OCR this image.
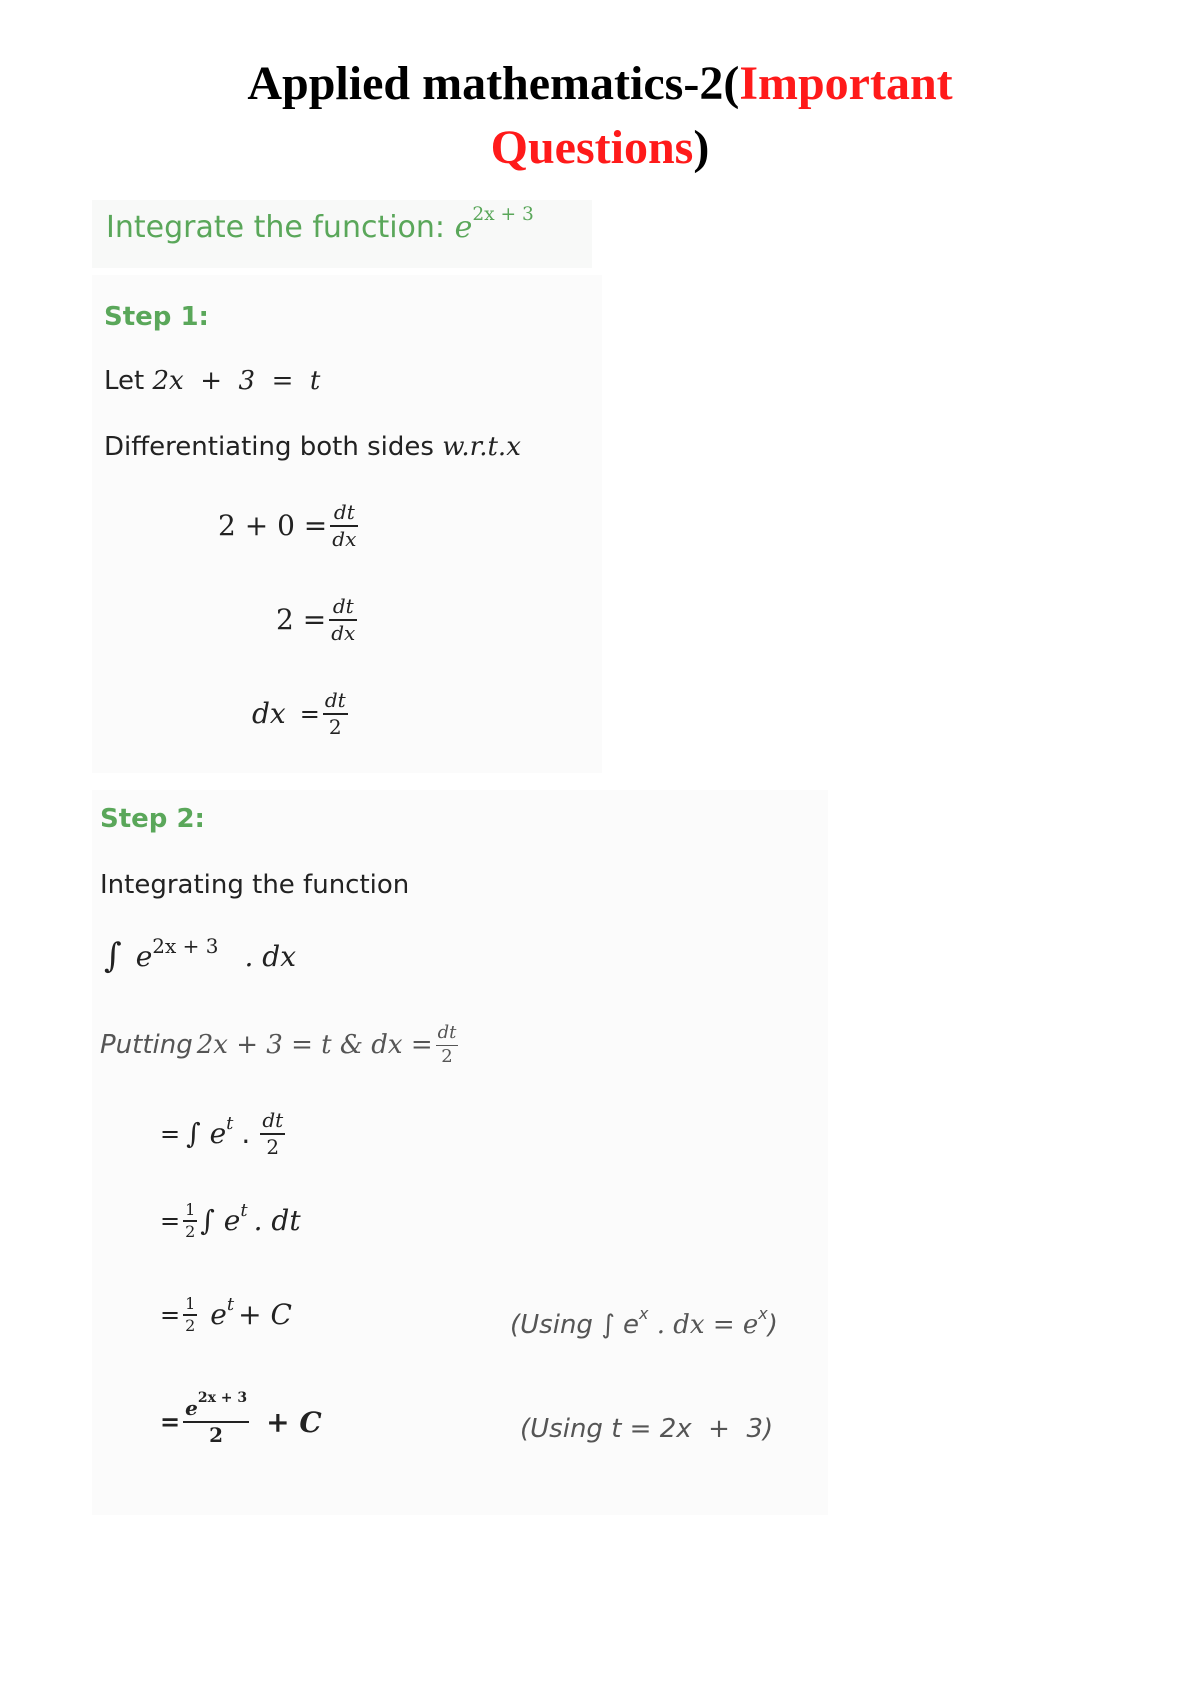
Applied mathematics-2(Important
Questions)
Integrate the function: $e^{2x + 3}$
Step 1:
Let 2x  +  3  =  t
Differentiating both sides w.r.t.x
$2 + 0 = \frac{dt}{dx}$
$2 = \frac{dt}{dx}$
dx = $\frac{dt}{2}$
Step 2:
Integrating the function
∫ $e^{2x + 3}$ . dx
Putting 2x + 3 = t & dx = $\frac{dt}{2}$
= ∫ $e^t$ . $\frac{dt}{2}$
= $\frac{1}{2}$ ∫ $e^t$ . dt
= $\frac{1}{2} e^t + C$	(Using ∫ $e^x$ . dx = $e^x$)
= $\frac{e^{2x + 3}}{2} + C$	(Using t = 2x  +  3)
